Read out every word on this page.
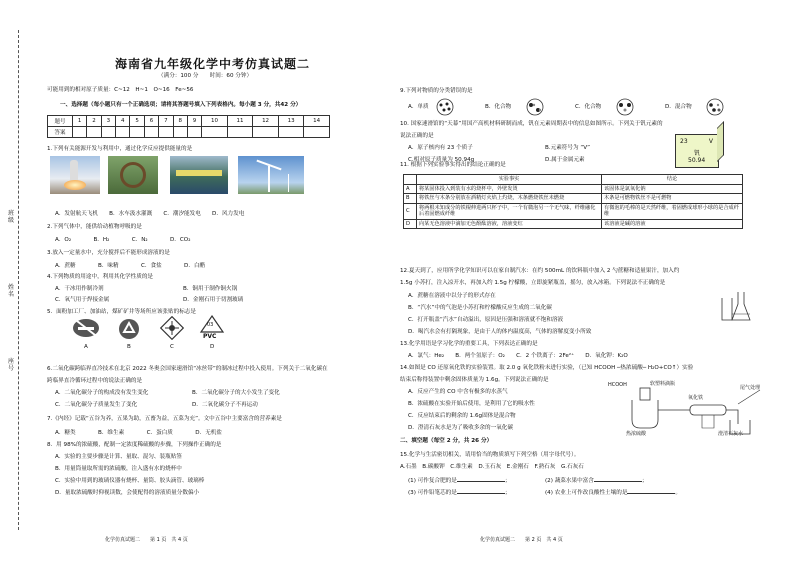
班
级
姓
名
座
号
海南省九年级化学中考仿真试题二
（满分：100 分　　时间：60 分钟）
可能用到的相对原子质量：C~12　H~1　O~16　Fe~56
一、选择题（每小题只有一个正确选项；请将其答题号填入下列表格内。每小题 3 分，共42 分）
题号	1	2	3	4	5	6	7	8	9	10	11	12	13	14
答案														
1.下列有关能源开发与利用中，通过化学反应提供能量的是
A．发射航天飞机　　B．水车汲水灌溉　　C．潮汐能发电　　D．风力发电
2.下列气体中，能供给动植物呼吸的是
A．O₂　　　　B．H₂　　　　C．N₂　　　　D．CO₂
3.放入一定量水中，充分搅拌后不能形成溶液的是
A．蔗糖　　　　B．味精　　　　C．食盐　　　　D．白醋
4.下列物质的用途中，利用其化学性质的是
A．干冰用作制冷剂	B．铜用于制作铜火锅
C．氧气用于焊接金属	D．金刚石用于切割玻璃
5．面粉加工厂、加油站，煤矿矿井等场所应该张贴的标志是
03
PVC
A	B	C	D
6.二氧化碳跨临界直冷技术在北京 2022 冬奥会国家速滑馆“冰丝带”的制冰过程中投入使用。下列关于二氧化碳在
跨临界直冷循环过程中的说法正确的是
A．二氧化碳分子的构成没有发生变化	B．二氧化碳分子的大小发生了变化
C．二氧化碳分子质量发生了变化	D．二氧化碳分子不再运动
7.《内经》记载“五谷为养，五果为助，五畜为益，五菜为充”。文中五谷中主要富含的营养素是
A．糖类　　　　B．维生素　　　　C．蛋白质　　　　D．无机盐
8．用 98%的浓硫酸，配制一定浓度稀硫酸的步骤，下列操作正确的是
A．实验的主要步骤是计算、量取、混匀、装瓶贴签
B．用量筒量取所需的浓硫酸，注入盛有水的烧杯中
C．实验中用到的玻璃仪器有烧杯、量筒、胶头滴管、玻璃棒
D．量取浓硫酸时仰视读数，会使配得的溶液质量分数偏小
化学仿真试题二　　第 1 页　共 4 页
9.下列对物质的分类错误的是
A．单质	B．化合物	C．化合物	D．混合物
10. 国家速滑馆的“天幕”用国产高机材料研制而成，钒在元素周期表中的信息如图所示。下列关于钒元素的
说法正确的是
A．原子核内有 23 个质子	B.元素符号为 “V”
C.相对原子质量为 50.94g	D.属于金属元素
23	V
钒
50.94
11. 根据下列实验事实得出的结论正确的是
	实验事实	结论
A	将某固体投入到装有水的烧杯中，外壁发烫	该固体是氯氧化钠
B	将铁丝与木条分别放在酒精灯火焰上灼烧，木条燃烧铁丝未燃烧	木条是可燃物铁丝不是可燃物
C	将两根未知成分的铁棍伸进两只杯子中，一个有微泡另一个无气味，纤维融化后着固燃成纤维	有微泡的毛棒的是天然纤维，着固燃成球形小球的是合成纤维
D	向某无色溶液中滴加无色酚酞溶液，溶液变红	该溶液是碱的溶液
12.夏天到了，应用所学化学知识可以在家自制汽水：在约 500mL 的饮料瓶中加入 2 勺蔗糖和适量果汁，加入约
1.5g 小苏打，注入凉开水，再加入约 1.5g 柠檬酸，立即旋紧瓶盖，摇匀，放入冰箱。下列说法不正确的是
A．蔗糖在溶液中以分子的形式存在
B．“汽水”中的气泡是小苏打和柠檬酸反应生成的二氧化碳
C．打开瓶盖“汽水”自动溢出，原因是压强和溶液就不饱和溶液
D．喝汽水会有打隔现象，是由于人的体内温度高，气体的溶解度变小所致
13.化学用语是学习化学的重要工具，下列表达正确的是
A．氯气：He₂　　B．两个氢原子：O₂　　C．2 个铁离子：2Fe²⁺　　D．氧化钾：K₂O
14.如图是 CO 还原氧化铁的实验装置。取 2.0 g 氧化铁粉末进行实验，（已知 HCOOH ─热浓硫酸─ H₂O+CO↑）实验
结束后称得装置中剩余固体质量为 1.6g。下列说法正确的是
A．反应产生的 CO 中含有极多的水蒸气
B．浓硫酸在实验开始后使用，是利用了它的吸水性
C．反应结束后的剩余的 1.6g固体是混合物
D．澄清石灰水是为了吸收多余的一氧化碳
HCOOH	软塑料滴瓶
氧化铁
尾气处理
热浓硫酸	澄清石灰水
二、填空题（每空 2 分，共 26 分）
15.化学与生活密切相关，请用恰当的物质填写下列空格（用字母代号）。
A.石墨　B.碳酸钾　C.维生素　D.玉石灰　E.金刚石　F.熟石灰　G.石灰石
(1) 可作复合肥的是	；	(2) 蔬菜水果中富含	；
(3) 可作铅笔芯的是	；	(4) 农业上可作改良酸性土壤的是	。
化学仿真试题二　　第 2 页　共 4 页
